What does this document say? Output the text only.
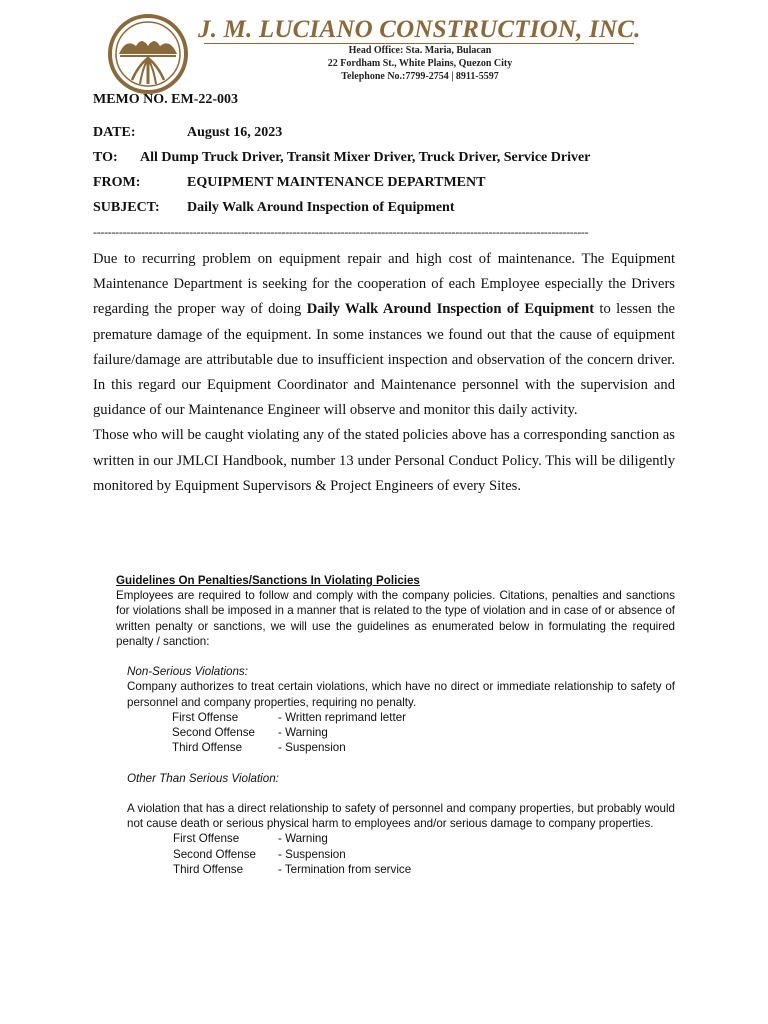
J. M. LUCIANO CONSTRUCTION, INC.
Head Office: Sta. Maria, Bulacan
22 Fordham St., White Plains, Quezon City
Telephone No.:7799-2754 | 8911-5597
MEMO NO. EM-22-003
DATE:	August 16, 2023
TO: All Dump Truck Driver, Transit Mixer Driver, Truck Driver, Service Driver
FROM:	EQUIPMENT MAINTENANCE DEPARTMENT
SUBJECT: Daily Walk Around Inspection of Equipment
--------------------------------------------------------------------------------------------------------------------------------------

Due to recurring problem on equipment repair and high cost of maintenance. The Equipment Maintenance Department is seeking for the cooperation of each Employee especially the Drivers regarding the proper way of doing Daily Walk Around Inspection of Equipment to lessen the premature damage of the equipment. In some instances we found out that the cause of equipment failure/damage are attributable due to insufficient inspection and observation of the concern driver. In this regard our Equipment Coordinator and Maintenance personnel with the supervision and guidance of our Maintenance Engineer will observe and monitor this daily activity.

Those who will be caught violating any of the stated policies above has a corresponding sanction as written in our JMLCI Handbook, number 13 under Personal Conduct Policy. This will be diligently monitored by Equipment Supervisors & Project Engineers of every Sites.

Guidelines On Penalties/Sanctions In Violating Policies

Employees are required to follow and comply with the company policies. Citations, penalties and sanctions for violations shall be imposed in a manner that is related to the type of violation and in case of or absence of written penalty or sanctions, we will use the guidelines as enumerated below in formulating the required penalty / sanction:

Non-Serious Violations:

Company authorizes to treat certain violations, which have no direct or immediate relationship to safety of personnel and company properties, requiring no penalty.

First Offense	- Written reprimand letter
Second Offense - Warning
Third Offense	- Suspension
Other Than Serious Violation:

A violation that has a direct relationship to safety of personnel and company properties, but probably would not cause death or serious physical harm to employees and/or serious damage to company properties.

First Offense	- Warning
Second Offense - Suspension
Third Offense	- Termination from service
